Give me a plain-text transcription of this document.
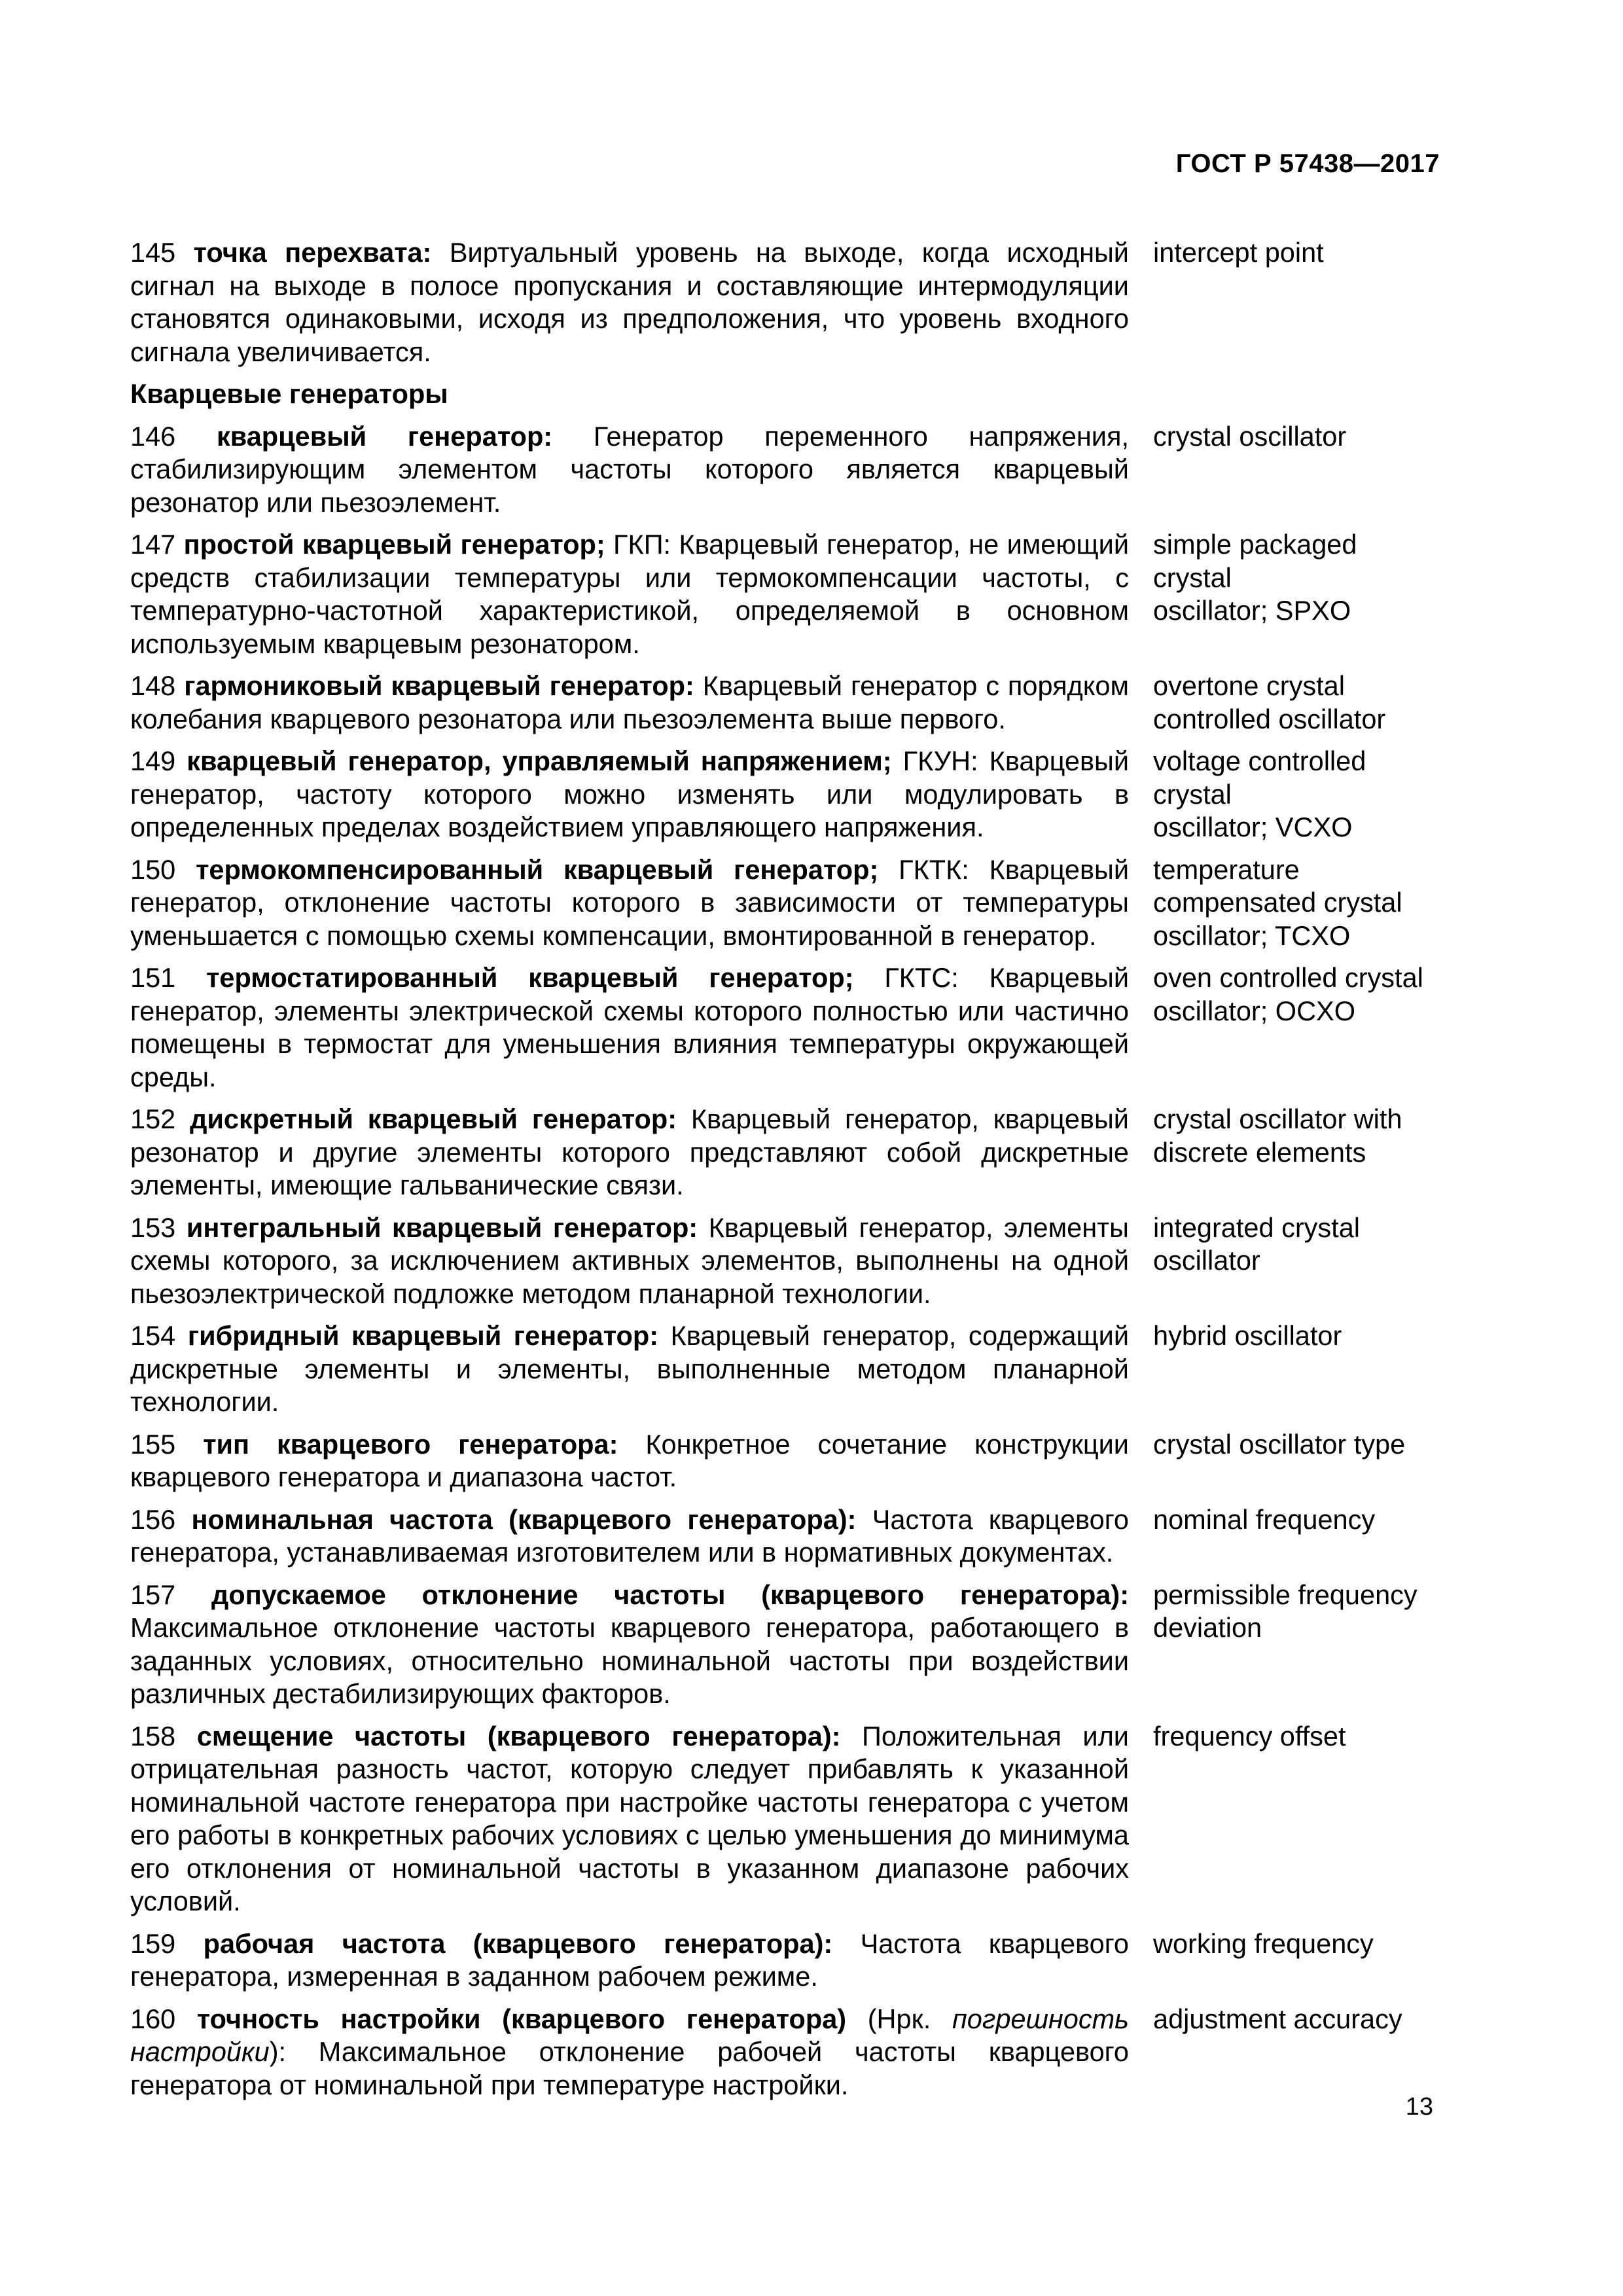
ГОСТ Р 57438—2017
145 точка перехвата: Виртуальный уровень на выходе, когда исходный сигнал на выходе в полосе пропускания и составляющие интермодуляции становятся одинаковыми, исходя из предположения, что уровень входного сигнала увеличивается.
intercept point
Кварцевые генераторы
146 кварцевый генератор: Генератор переменного напряжения, стабилизирующим элементом частоты которого является кварцевый резонатор или пьезоэлемент.
crystal oscillator
147 простой кварцевый генератор; ГКП: Кварцевый генератор, не имеющий средств стабилизации температуры или термокомпенсации частоты, с температурно-частотной характеристикой, определяемой в основном используемым кварцевым резонатором.
simple packaged
crystal
oscillator; SPXO
148 гармониковый кварцевый генератор: Кварцевый генератор с порядком колебания кварцевого резонатора или пьезоэлемента выше первого.
overtone crystal
controlled oscillator
149 кварцевый генератор, управляемый напряжением; ГКУН: Кварцевый генератор, частоту которого можно изменять или модулировать в определенных пределах воздействием управляющего напряжения.
voltage controlled
crystal
oscillator; VCXO
150 термокомпенсированный кварцевый генератор; ГКТК: Кварцевый генератор, отклонение частоты которого в зависимости от температуры уменьшается с помощью схемы компенсации, вмонтированной в генератор.
temperature
compensated crystal
oscillator; TCXO
151 термостатированный кварцевый генератор; ГКТС: Кварцевый генератор, элементы электрической схемы которого полностью или частично помещены в термостат для уменьшения влияния температуры окружающей среды.
oven controlled crystal
oscillator; OCXO
152 дискретный кварцевый генератор: Кварцевый генератор, кварцевый резонатор и другие элементы которого представляют собой дискретные элементы, имеющие гальванические связи.
crystal oscillator with
discrete elements
153 интегральный кварцевый генератор: Кварцевый генератор, элементы схемы которого, за исключением активных элементов, выполнены на одной пьезоэлектрической подложке методом планарной технологии.
integrated crystal
oscillator
154 гибридный кварцевый генератор: Кварцевый генератор, содержащий дискретные элементы и элементы, выполненные методом планарной технологии.
hybrid oscillator
155 тип кварцевого генератора: Конкретное сочетание конструкции кварцевого генератора и диапазона частот.
crystal oscillator type
156 номинальная частота (кварцевого генератора): Частота кварцевого генератора, устанавливаемая изготовителем или в нормативных документах.
nominal frequency
157 допускаемое отклонение частоты (кварцевого генератора): Максимальное отклонение частоты кварцевого генератора, работающего в заданных условиях, относительно номинальной частоты при воздействии различных дестабилизирующих факторов.
permissible frequency
deviation
158 смещение частоты (кварцевого генератора): Положительная или отрицательная разность частот, которую следует прибавлять к указанной номинальной частоте генератора при настройке частоты генератора с учетом его работы в конкретных рабочих условиях с целью уменьшения до минимума его отклонения от номинальной частоты в указанном диапазоне рабочих условий.
frequency offset
159 рабочая частота (кварцевого генератора): Частота кварцевого генератора, измеренная в заданном рабочем режиме.
working frequency
160 точность настройки (кварцевого генератора) (Нрк. погрешность настройки): Максимальное отклонение рабочей частоты кварцевого генератора от номинальной при температуре настройки.
adjustment accuracy
13
